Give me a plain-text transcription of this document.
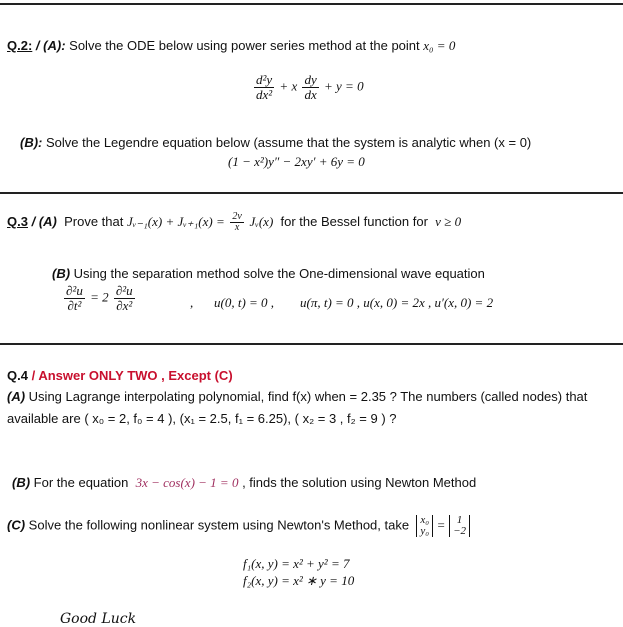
Q.2: / (A): Solve the ODE below using power series method at the point x₀ = 0
$\frac{\text{d²y}}{\text{dx²}} + x \frac{dy}{dx} + y = 0$
(B): Solve the Legendre equation below (assume that the system is analytic when (x = 0)
(1 − x²)y″ − 2xy′ + 6y = 0
Q.3 / (A) Prove that Jᵥ₋₁(x) + Jᵥ₊₁(x) = $\frac{2v}{x}$ Jᵥ(x) for the Bessel function for v ≥ 0
(B) Using the separation method solve the One-dimensional wave equation
$\frac{\text{∂²u}}{\text{∂t²}} = 2 \frac{\text{∂²u}}{\text{∂x²}}$	, u(0, t) = 0 , u(π, t) = 0 , u(x, 0) = 2x , u′(x, 0) = 2
Q.4 / Answer ONLY TWO , Except (C)
(A) Using Lagrange interpolating polynomial, find f(x) when = 2.35 ? The numbers (called nodes) that
available are ( x₀ = 2, f₀ = 4 ), (x₁ = 2.5, f₁ = 6.25), ( x₂ = 3 , f₂ = 9 ) ?
(B) For the equation 3x − cos(x) − 1 = 0 , finds the solution using Newton Method
(C) Solve the following nonlinear system using Newton's Method, take x₀
y₀ =	1
−2
f₁(x, y) = x² + y² = 7
f₂(x, y) = x² ∗ y = 10
Good Luck
